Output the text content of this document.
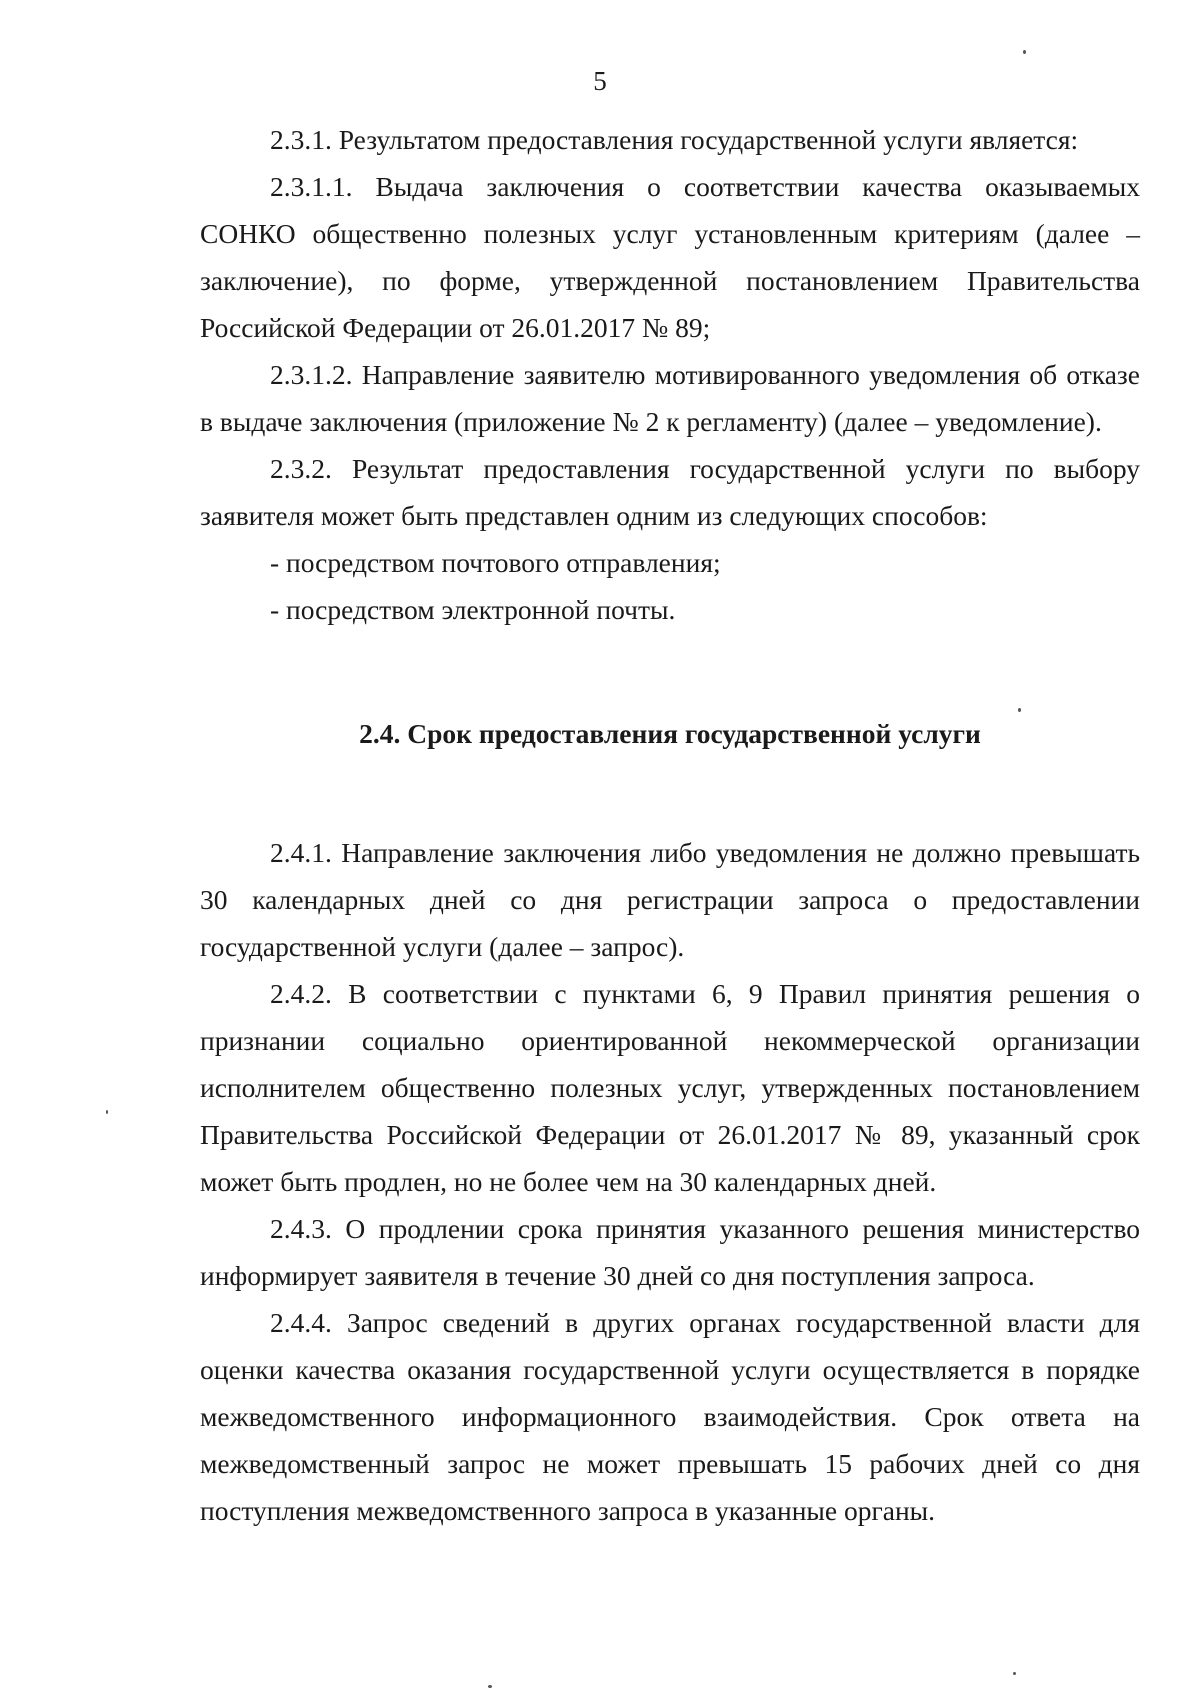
5

2.3.1. Результатом предоставления государственной услуги является:

2.3.1.1. Выдача заключения о соответствии качества оказываемых СОНКО общественно полезных услуг установленным критериям (далее – заключение), по форме, утвержденной постановлением Правительства Российской Федерации от 26.01.2017 № 89;

2.3.1.2. Направление заявителю мотивированного уведомления об отказе в выдаче заключения (приложение № 2 к регламенту) (далее – уведомление).

2.3.2. Результат предоставления государственной услуги по выбору заявителя может быть представлен одним из следующих способов:

- посредством почтового отправления;

- посредством электронной почты.

2.4. Срок предоставления государственной услуги

2.4.1. Направление заключения либо уведомления не должно превышать 30 календарных дней со дня регистрации запроса о предоставлении государственной услуги (далее – запрос).

2.4.2. В соответствии с пунктами 6, 9 Правил принятия решения о признании социально ориентированной некоммерческой организации исполнителем общественно полезных услуг, утвержденных постановлением Правительства Российской Федерации от 26.01.2017 № 89, указанный срок может быть продлен, но не более чем на 30 календарных дней.

2.4.3. О продлении срока принятия указанного решения министерство информирует заявителя в течение 30 дней со дня поступления запроса.

2.4.4. Запрос сведений в других органах государственной власти для оценки качества оказания государственной услуги осуществляется в порядке межведомственного информационного взаимодействия. Срок ответа на межведомственный запрос не может превышать 15 рабочих дней со дня поступления межведомственного запроса в указанные органы.
